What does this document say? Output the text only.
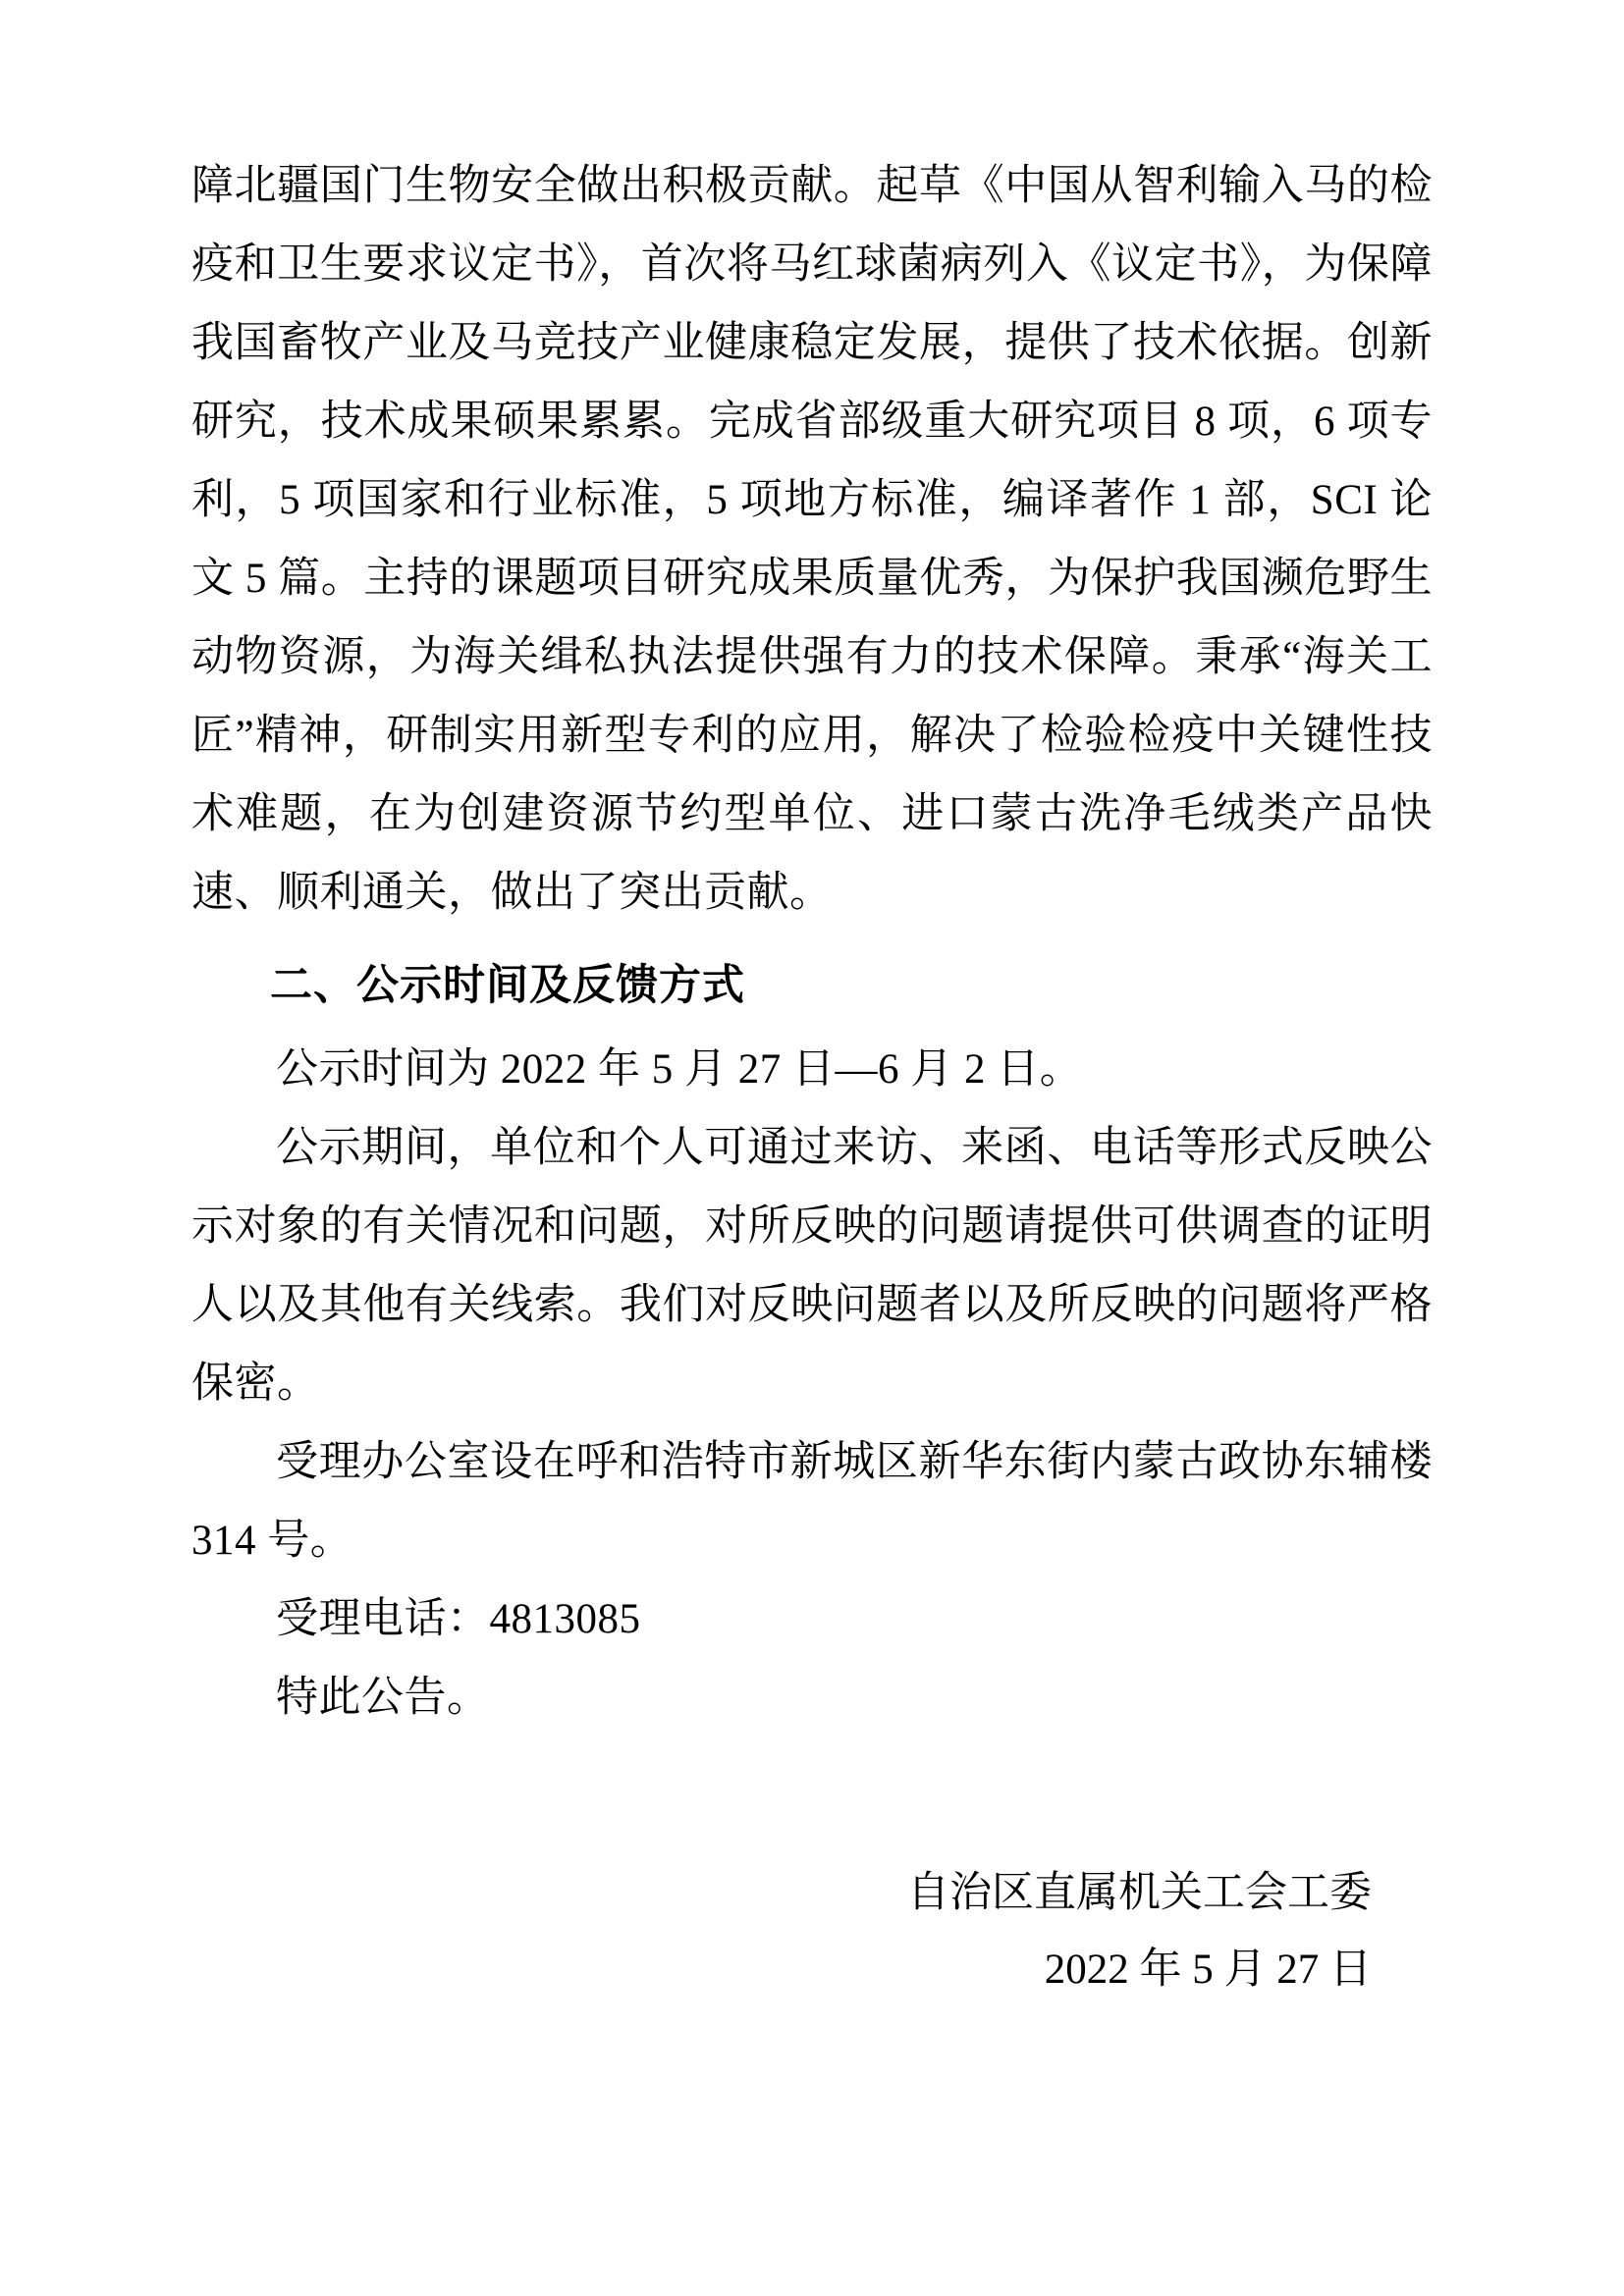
障北疆国门生物安全做出积极贡献。起草《中国从智利输入马的检疫和卫生要求议定书》，首次将马红球菌病列入《议定书》，为保障我国畜牧产业及马竞技产业健康稳定发展，提供了技术依据。创新研究，技术成果硕果累累。完成省部级重大研究项目 8 项，6 项专利，5 项国家和行业标准，5 项地方标准，编译著作 1 部，SCI 论文 5 篇。主持的课题项目研究成果质量优秀，为保护我国濒危野生动物资源，为海关缉私执法提供强有力的技术保障。秉承“海关工匠”精神，研制实用新型专利的应用，解决了检验检疫中关键性技术难题，在为创建资源节约型单位、进口蒙古洗净毛绒类产品快速、顺利通关，做出了突出贡献。

二、公示时间及反馈方式

公示时间为 2022 年 5 月 27 日—6 月 2 日。

公示期间，单位和个人可通过来访、来函、电话等形式反映公示对象的有关情况和问题，对所反映的问题请提供可供调查的证明人以及其他有关线索。我们对反映问题者以及所反映的问题将严格保密。

受理办公室设在呼和浩特市新城区新华东街内蒙古政协东辅楼 314 号。

受理电话：4813085

特此公告。

自治区直属机关工会工委
2022 年 5 月 27 日
